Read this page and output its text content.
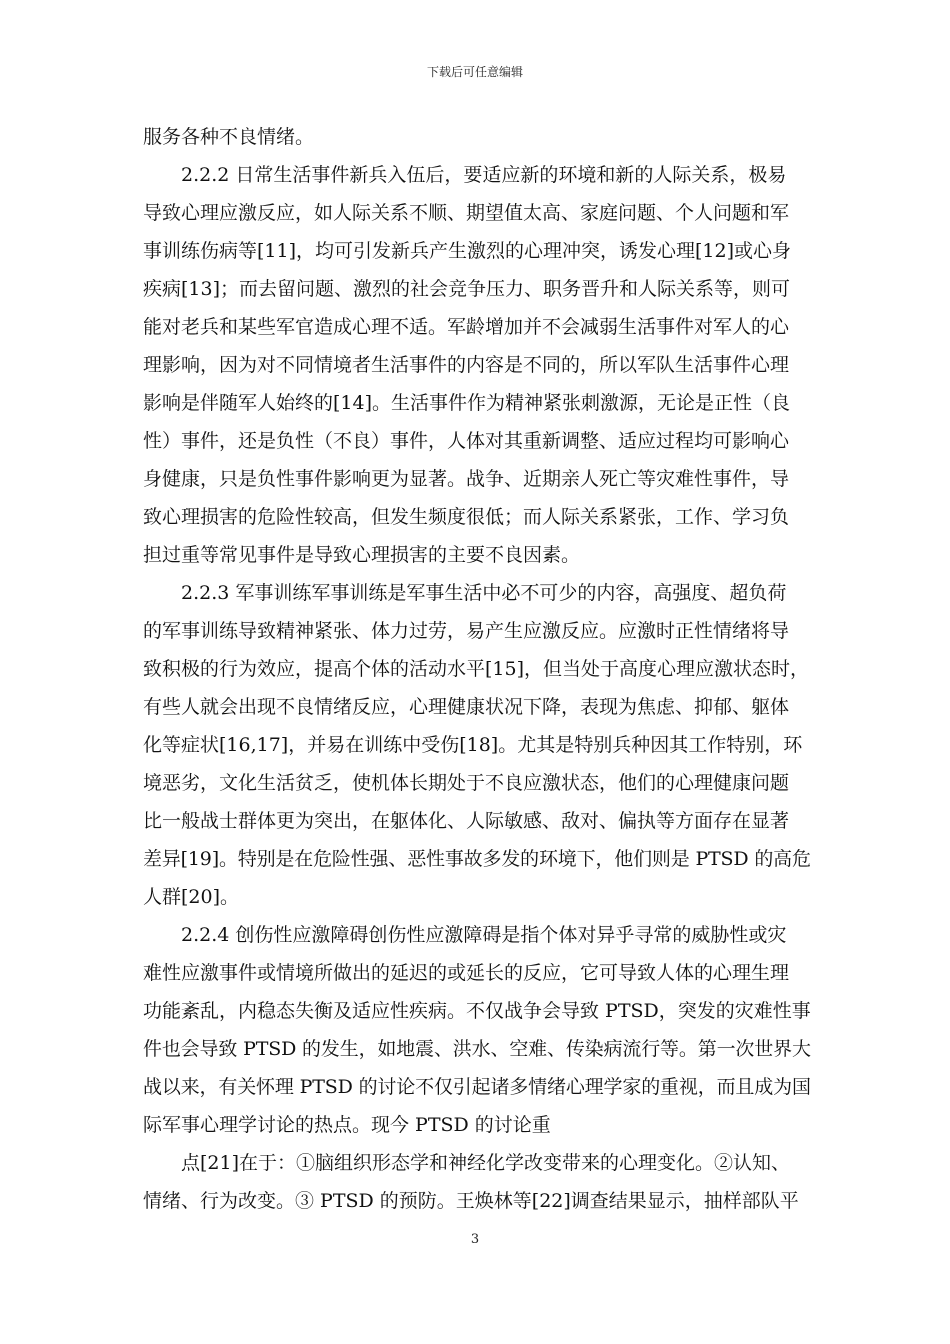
下载后可任意编辑
服务各种不良情绪。
2.2.2 日常生活事件新兵入伍后，要适应新的环境和新的人际关系，极易
导致心理应激反应，如人际关系不顺、期望值太高、家庭问题、个人问题和军
事训练伤病等[11]，均可引发新兵产生激烈的心理冲突，诱发心理[12]或心身
疾病[13]；而去留问题、激烈的社会竞争压力、职务晋升和人际关系等，则可
能对老兵和某些军官造成心理不适。军龄增加并不会减弱生活事件对军人的心
理影响，因为对不同情境者生活事件的内容是不同的，所以军队生活事件心理
影响是伴随军人始终的[14]。生活事件作为精神紧张刺激源，无论是正性（良
性）事件，还是负性（不良）事件，人体对其重新调整、适应过程均可影响心
身健康，只是负性事件影响更为显著。战争、近期亲人死亡等灾难性事件，导
致心理损害的危险性较高，但发生频度很低；而人际关系紧张，工作、学习负
担过重等常见事件是导致心理损害的主要不良因素。
2.2.3 军事训练军事训练是军事生活中必不可少的内容，高强度、超负荷
的军事训练导致精神紧张、体力过劳，易产生应激反应。应激时正性情绪将导
致积极的行为效应，提高个体的活动水平[15]，但当处于高度心理应激状态时，
有些人就会出现不良情绪反应，心理健康状况下降，表现为焦虑、抑郁、躯体
化等症状[16,17]，并易在训练中受伤[18]。尤其是特别兵种因其工作特别，环
境恶劣，文化生活贫乏，使机体长期处于不良应激状态，他们的心理健康问题
比一般战士群体更为突出，在躯体化、人际敏感、敌对、偏执等方面存在显著
差异[19]。特别是在危险性强、恶性事故多发的环境下，他们则是 PTSD 的高危
人群[20]。
2.2.4 创伤性应激障碍创伤性应激障碍是指个体对异乎寻常的威胁性或灾
难性应激事件或情境所做出的延迟的或延长的反应，它可导致人体的心理生理
功能紊乱，内稳态失衡及适应性疾病。不仅战争会导致 PTSD，突发的灾难性事
件也会导致 PTSD 的发生，如地震、洪水、空难、传染病流行等。第一次世界大
战以来，有关怀理 PTSD 的讨论不仅引起诸多情绪心理学家的重视，而且成为国
际军事心理学讨论的热点。现今 PTSD 的讨论重
点[21]在于：①脑组织形态学和神经化学改变带来的心理变化。②认知、
情绪、行为改变。③ PTSD 的预防。王焕林等[22]调查结果显示，抽样部队平
3
